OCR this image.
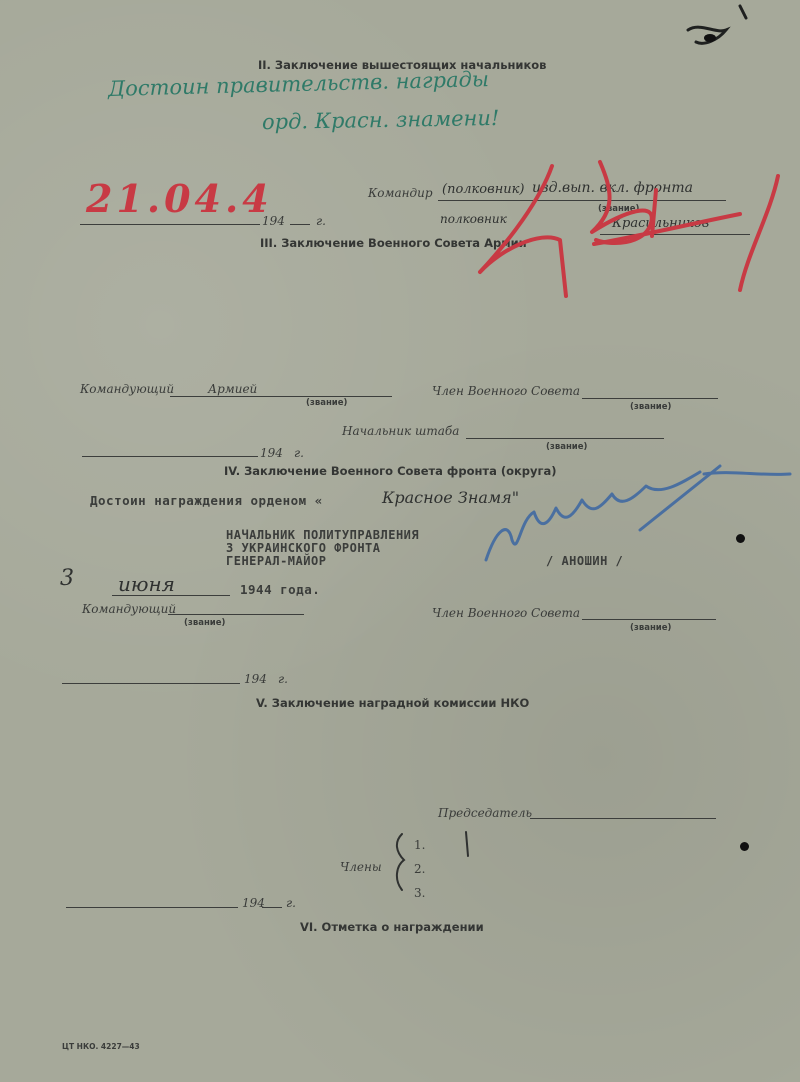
II. Заключение вышестоящих начальников
Достоин правительств. награды
орд. Красн. знамени!
21.04.4
194	г.
Командир (полковник) изд.вып. вкл. фронта
(звание)
полковник	Красильников
III. Заключение Военного Совета Армии
Командующий	Армией
(звание)
Член Военного Совета
(звание)
Начальник штаба
(звание)
194 г.
IV. Заключение Военного Совета фронта (округа)
Достоин награждения орденом «	Красное Знамя"
НАЧАЛЬНИК ПОЛИТУПРАВЛЕНИЯ
3 УКРАИНСКОГО ФРОНТА
ГЕНЕРАЛ-МАЙОР	/ АНОШИН /
3 июня	1944 года.
Командующий
(звание)
Член Военного Совета
(звание)
194 г.
V. Заключение наградной комиссии НКО
Председатель
Члены
1.
2.
3.
194 г.
VI. Отметка о награждении
ЦТ НКО. 4227—43
